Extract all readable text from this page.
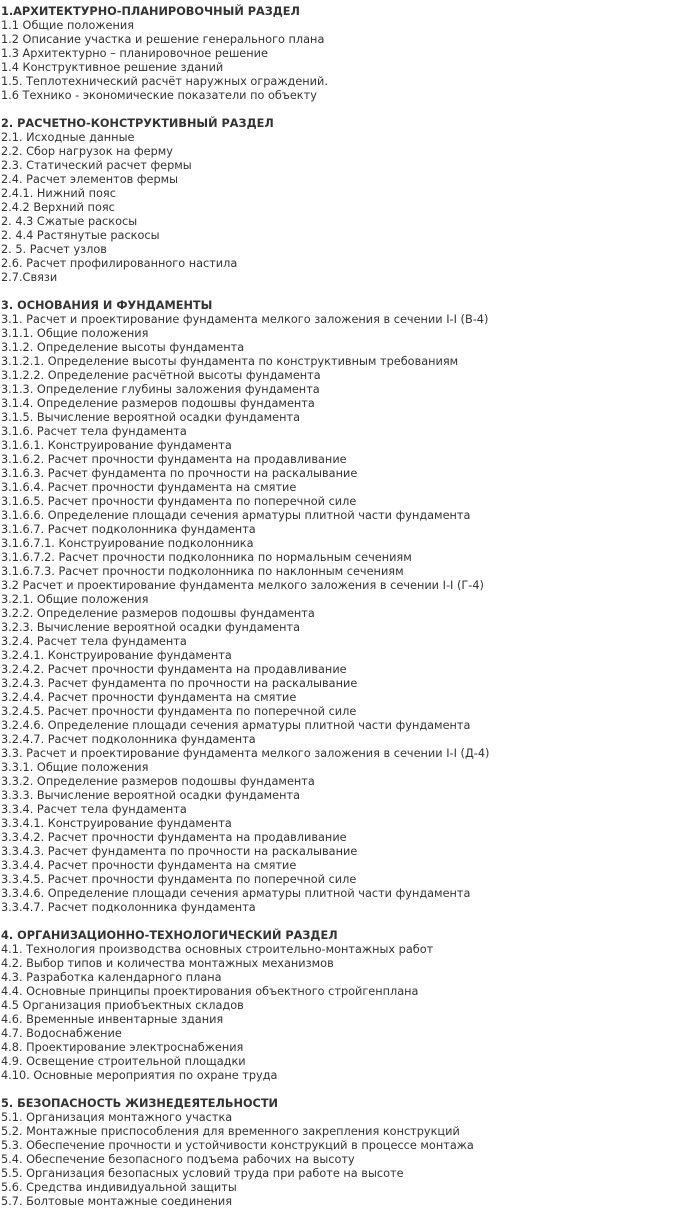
1.АРХИТЕКТУРНО-ПЛАНИРОВОЧНЫЙ РАЗДЕЛ
1.1 Общие положения
1.2 Описание участка и решение генерального плана
1.3 Архитектурно – планировочное решение
1.4 Конструктивное решение зданий
1.5. Теплотехнический расчёт наружных ограждений.
1.6 Технико - экономические показатели по объекту
2. РАСЧЕТНО-КОНСТРУКТИВНЫЙ РАЗДЕЛ
2.1. Исходные данные
2.2. Сбор нагрузок на ферму
2.3. Статический расчет фермы
2.4. Расчет элементов фермы
2.4.1. Нижний пояс
2.4.2 Верхний пояс
2. 4.3 Сжатые раскосы
2. 4.4 Растянутые раскосы
2. 5. Расчет узлов
2.6. Расчет профилированного настила
2.7.Связи
3. ОСНОВАНИЯ И ФУНДАМЕНТЫ
3.1. Расчет и проектирование фундамента мелкого заложения в сечении I-I (В-4)
3.1.1. Общие положения
3.1.2. Определение высоты фундамента
3.1.2.1. Определение высоты фундамента по конструктивным требованиям
3.1.2.2. Определение расчётной высоты фундамента
3.1.3. Определение глубины заложения фундамента
3.1.4. Определение размеров подошвы фундамента
3.1.5. Вычисление вероятной осадки фундамента
3.1.6. Расчет тела фундамента
3.1.6.1. Конструирование фундамента
3.1.6.2. Расчет прочности фундамента на продавливание
3.1.6.3. Расчет фундамента по прочности на раскалывание
3.1.6.4. Расчет прочности фундамента на смятие
3.1.6.5. Расчет прочности фундамента по поперечной силе
3.1.6.6. Определение площади сечения арматуры плитной части фундамента
3.1.6.7. Расчет подколонника фундамента
3.1.6.7.1. Конструирование подколонника
3.1.6.7.2. Расчет прочности подколонника по нормальным сечениям
3.1.6.7.3. Расчет прочности подколонника по наклонным сечениям
3.2 Расчет и проектирование фундамента мелкого заложения в сечении I-I (Г-4)
3.2.1. Общие положения
3.2.2. Определение размеров подошвы фундамента
3.2.3. Вычисление вероятной осадки фундамента
3.2.4. Расчет тела фундамента
3.2.4.1. Конструирование фундамента
3.2.4.2. Расчет прочности фундамента на продавливание
3.2.4.3. Расчет фундамента по прочности на раскалывание
3.2.4.4. Расчет прочности фундамента на смятие
3.2.4.5. Расчет прочности фундамента по поперечной силе
3.2.4.6. Определение площади сечения арматуры плитной части фундамента
3.2.4.7. Расчет подколонника фундамента
3.3. Расчет и проектирование фундамента мелкого заложения в сечении I-I (Д-4)
3.3.1. Общие положения
3.3.2. Определение размеров подошвы фундамента
3.3.3. Вычисление вероятной осадки фундамента
3.3.4. Расчет тела фундамента
3.3.4.1. Конструирование фундамента
3.3.4.2. Расчет прочности фундамента на продавливание
3.3.4.3. Расчет фундамента по прочности на раскалывание
3.3.4.4. Расчет прочности фундамента на смятие
3.3.4.5. Расчет прочности фундамента по поперечной силе
3.3.4.6. Определение площади сечения арматуры плитной части фундамента
3.3.4.7. Расчет подколонника фундамента
4. ОРГАНИЗАЦИОННО-ТЕХНОЛОГИЧЕСКИЙ РАЗДЕЛ
4.1. Технология производства основных строительно-монтажных работ
4.2. Выбор типов и количества монтажных механизмов
4.3. Разработка календарного плана
4.4. Основные принципы проектирования объектного стройгенплана
4.5 Организация приобъектных складов
4.6. Временные инвентарные здания
4.7. Водоснабжение
4.8. Проектирование электроснабжения
4.9. Освещение строительной площадки
4.10. Основные мероприятия по охране труда
5. БЕЗОПАСНОСТЬ ЖИЗНЕДЕЯТЕЛЬНОСТИ
5.1. Организация монтажного участка
5.2. Монтажные приспособления для временного закрепления конструкций
5.3. Обеспечение прочности и устойчивости конструкций в процессе монтажа
5.4. Обеспечение безопасного подъема рабочих на высоту
5.5. Организация безопасных условий труда при работе на высоте
5.6. Средства индивидуальной защиты
5.7. Болтовые монтажные соединения
